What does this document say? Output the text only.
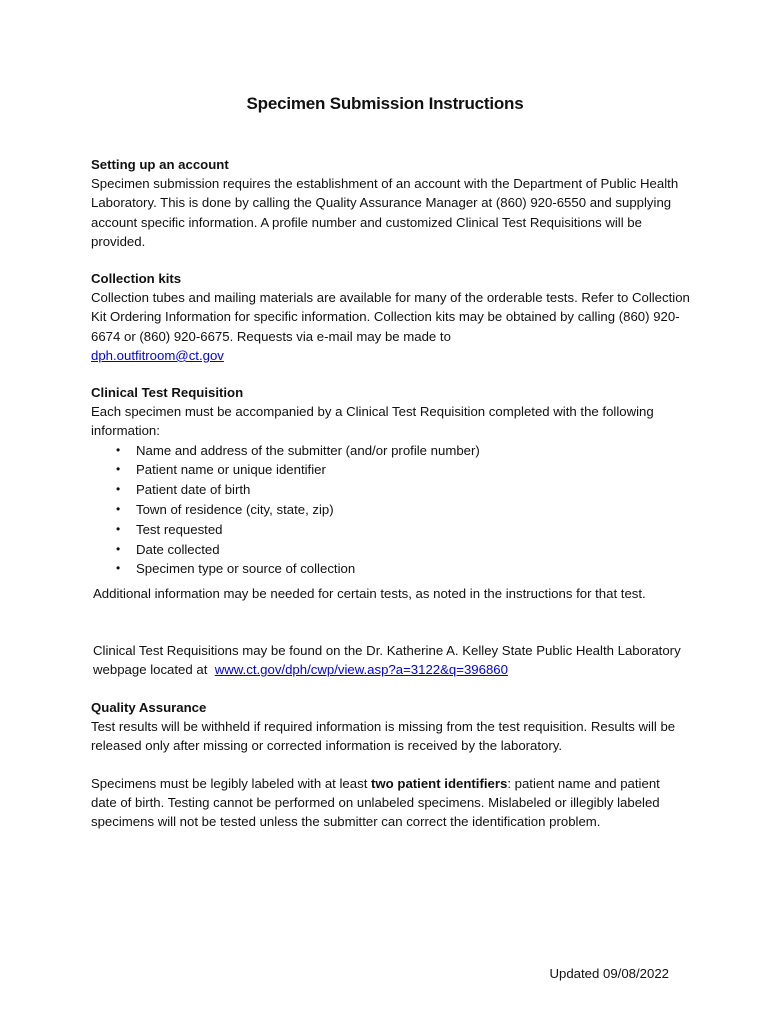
Specimen Submission Instructions

Setting up an account

Specimen submission requires the establishment of an account with the Department of Public Health Laboratory. This is done by calling the Quality Assurance Manager at (860) 920-6550 and supplying account specific information. A profile number and customized Clinical Test Requisitions will be provided.

Collection kits

Collection tubes and mailing materials are available for many of the orderable tests. Refer to Collection Kit Ordering Information for specific information. Collection kits may be obtained by calling (860) 920-6674 or (860) 920-6675. Requests via e-mail may be made to
dph.outfitroom@ct.gov

Clinical Test Requisition

Each specimen must be accompanied by a Clinical Test Requisition completed with the following information:

• Name and address of the submitter (and/or profile number)
• Patient name or unique identifier
• Patient date of birth
• Town of residence (city, state, zip)
• Test requested
• Date collected
• Specimen type or source of collection

Additional information may be needed for certain tests, as noted in the instructions for that test.

Clinical Test Requisitions may be found on the Dr. Katherine A. Kelley State Public Health Laboratory webpage located at www.ct.gov/dph/cwp/view.asp?a=3122&q=396860

Quality Assurance

Test results will be withheld if required information is missing from the test requisition. Results will be released only after missing or corrected information is received by the laboratory.

Specimens must be legibly labeled with at least two patient identifiers: patient name and patient date of birth. Testing cannot be performed on unlabeled specimens. Mislabeled or illegibly labeled specimens will not be tested unless the submitter can correct the identification problem.

Updated 09/08/2022
